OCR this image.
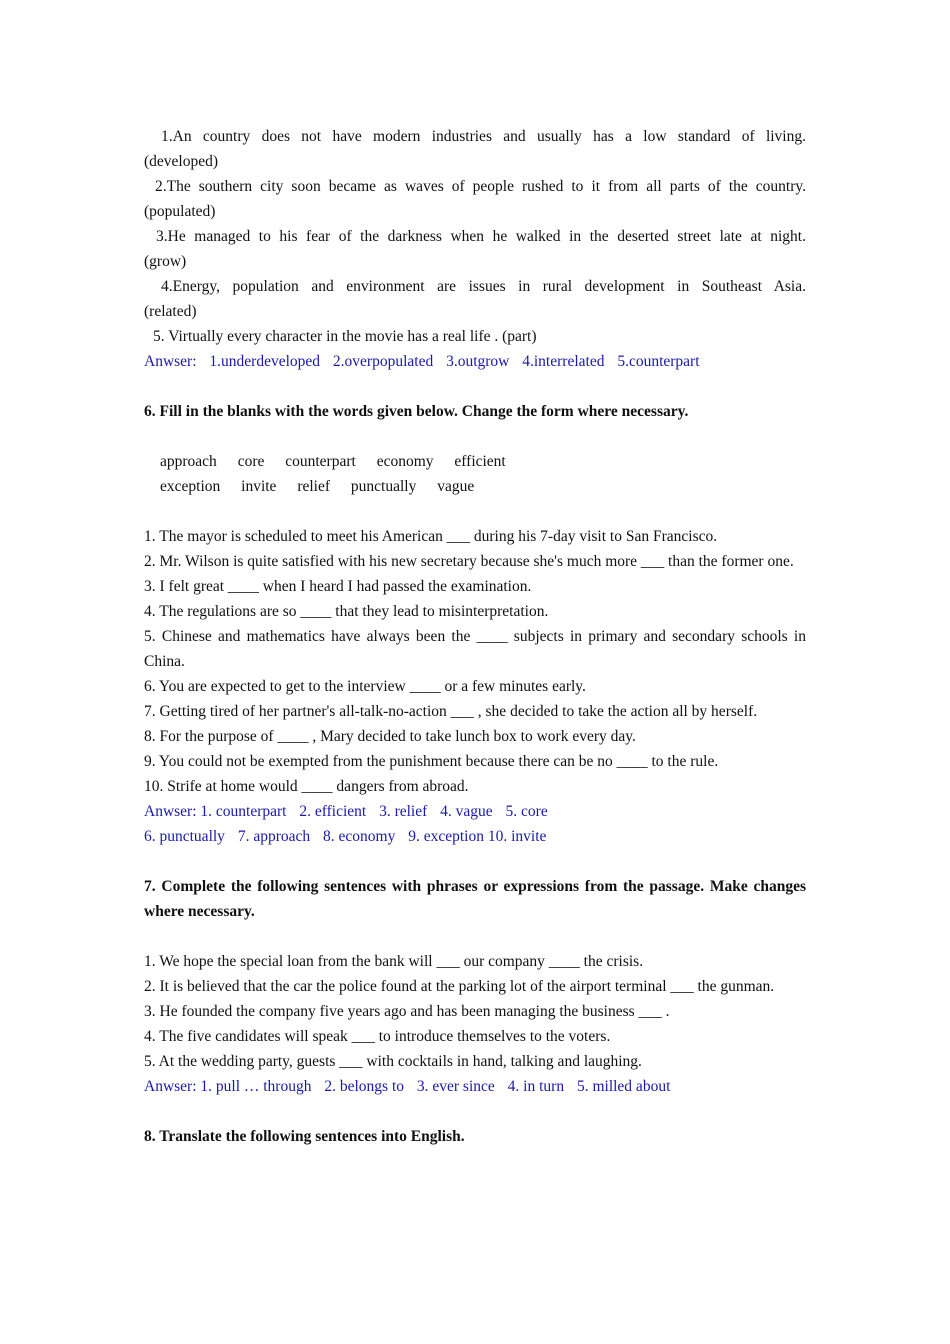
1.An country does not have modern industries and usually has a low standard of living.
(developed)
2.The southern city soon became as waves of people rushed to it from all parts of the country.
(populated)
3.He managed to his fear of the darkness when he walked in the deserted street late at night.
(grow)
4.Energy, population and environment are issues in rural development in Southeast Asia.
(related)
5. Virtually every character in the movie has a real life . (part)
Anwser: 1.underdeveloped 2.overpopulated 3.outgrow 4.interrelated 5.counterpart
6. Fill in the blanks with the words given below. Change the form where necessary.
approach core counterpart economy efficient
exception invite relief punctually vague
1. The mayor is scheduled to meet his American ___ during his 7-day visit to San Francisco.
2. Mr. Wilson is quite satisfied with his new secretary because she's much more ___ than the former one.
3. I felt great ____ when I heard I had passed the examination.
4. The regulations are so ____ that they lead to misinterpretation.
5. Chinese and mathematics have always been the ____ subjects in primary and secondary schools in China.
6. You are expected to get to the interview ____ or a few minutes early.
7. Getting tired of her partner's all-talk-no-action ___ , she decided to take the action all by herself.
8. For the purpose of ____ , Mary decided to take lunch box to work every day.
9. You could not be exempted from the punishment because there can be no ____ to the rule.
10. Strife at home would ____ dangers from abroad.
Anwser: 1. counterpart 2. efficient 3. relief 4. vague 5. core
6. punctually 7. approach 8. economy 9. exception 10. invite
7. Complete the following sentences with phrases or expressions from the passage. Make changes where necessary.
1. We hope the special loan from the bank will ___ our company ____ the crisis.
2. It is believed that the car the police found at the parking lot of the airport terminal ___ the gunman.
3. He founded the company five years ago and has been managing the business ___ .
4. The five candidates will speak ___ to introduce themselves to the voters.
5. At the wedding party, guests ___ with cocktails in hand, talking and laughing.
Anwser: 1. pull … through 2. belongs to 3. ever since 4. in turn 5. milled about
8. Translate the following sentences into English.
